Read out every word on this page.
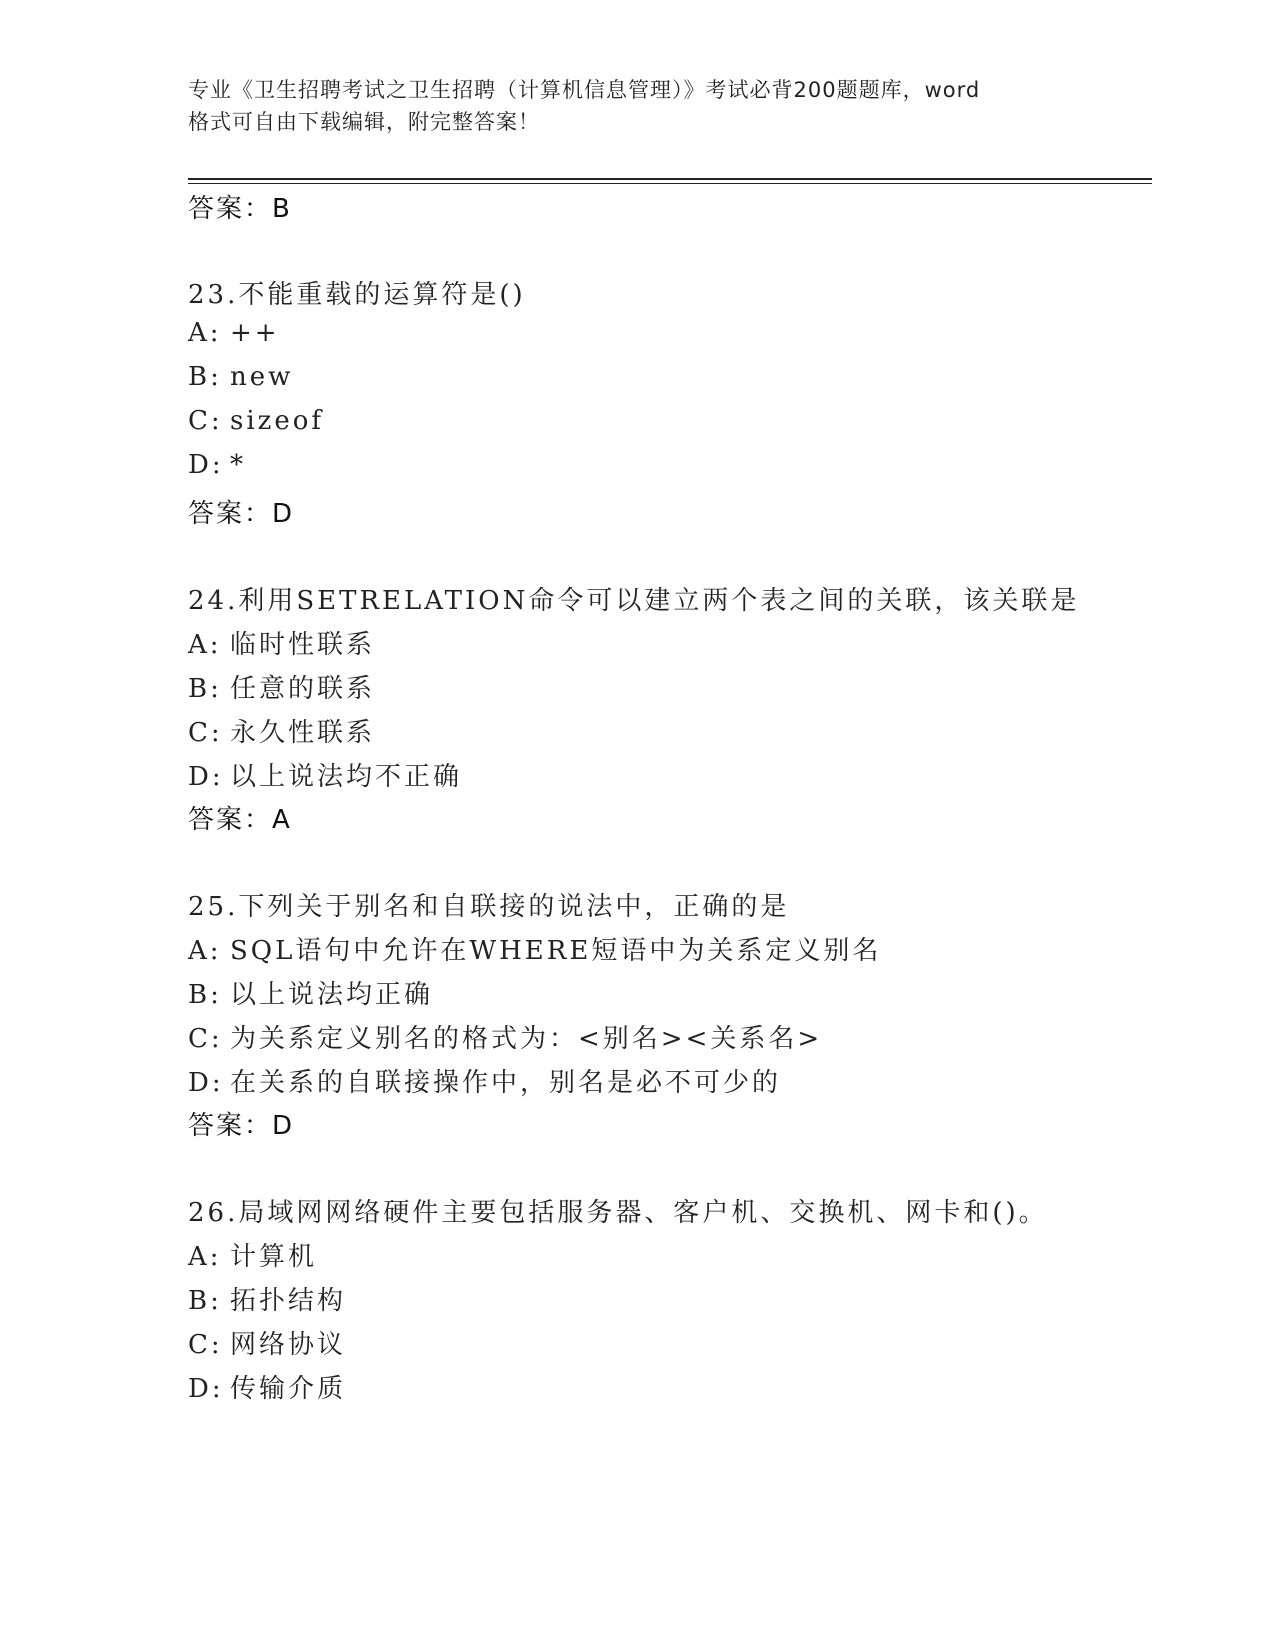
专业《卫生招聘考试之卫生招聘（计算机信息管理）》考试必背200题题库，word
格式可自由下载编辑，附完整答案！
答案：B
23.不能重载的运算符是()
A: ++
B: new
C: sizeof
D: *
答案：D
24.利用SETRELATION命令可以建立两个表之间的关联，该关联是
A: 临时性联系
B: 任意的联系
C: 永久性联系
D: 以上说法均不正确
答案：A
25.下列关于别名和自联接的说法中，正确的是
A: SQL语句中允许在WHERE短语中为关系定义别名
B: 以上说法均正确
C: 为关系定义别名的格式为：<别名><关系名>
D: 在关系的自联接操作中，别名是必不可少的
答案：D
26.局域网网络硬件主要包括服务器、客户机、交换机、网卡和()。
A: 计算机
B: 拓扑结构
C: 网络协议
D: 传输介质
